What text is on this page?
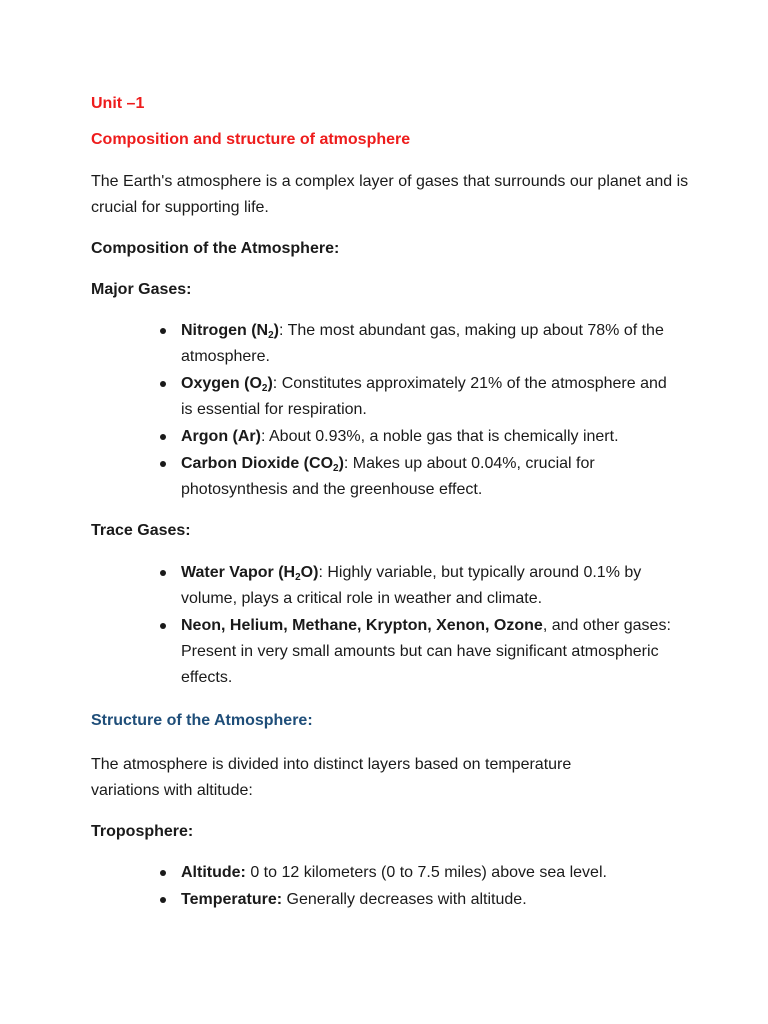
Unit –1

Composition and structure of atmosphere

The Earth's atmosphere is a complex layer of gases that surrounds our planet and is crucial for supporting life.

Composition of the Atmosphere:

Major Gases:

Nitrogen $(N_2)$: The most abundant gas, making up about 78% of the atmosphere.
Oxygen $(O_2)$: Constitutes approximately 21% of the atmosphere and is essential for respiration.
Argon (Ar): About 0.93%, a noble gas that is chemically inert.
Carbon Dioxide $(CO_2)$: Makes up about 0.04%, crucial for photosynthesis and the greenhouse effect.

Trace Gases:

Water Vapor $(H_2O)$: Highly variable, but typically around 0.1% by volume, plays a critical role in weather and climate.
Neon, Helium, Methane, Krypton, Xenon, Ozone, and other gases: Present in very small amounts but can have significant atmospheric effects.

Structure of the Atmosphere:

The atmosphere is divided into distinct layers based on temperature variations with altitude:

Troposphere:

Altitude: 0 to 12 kilometers (0 to 7.5 miles) above sea level.
Temperature: Generally decreases with altitude.
